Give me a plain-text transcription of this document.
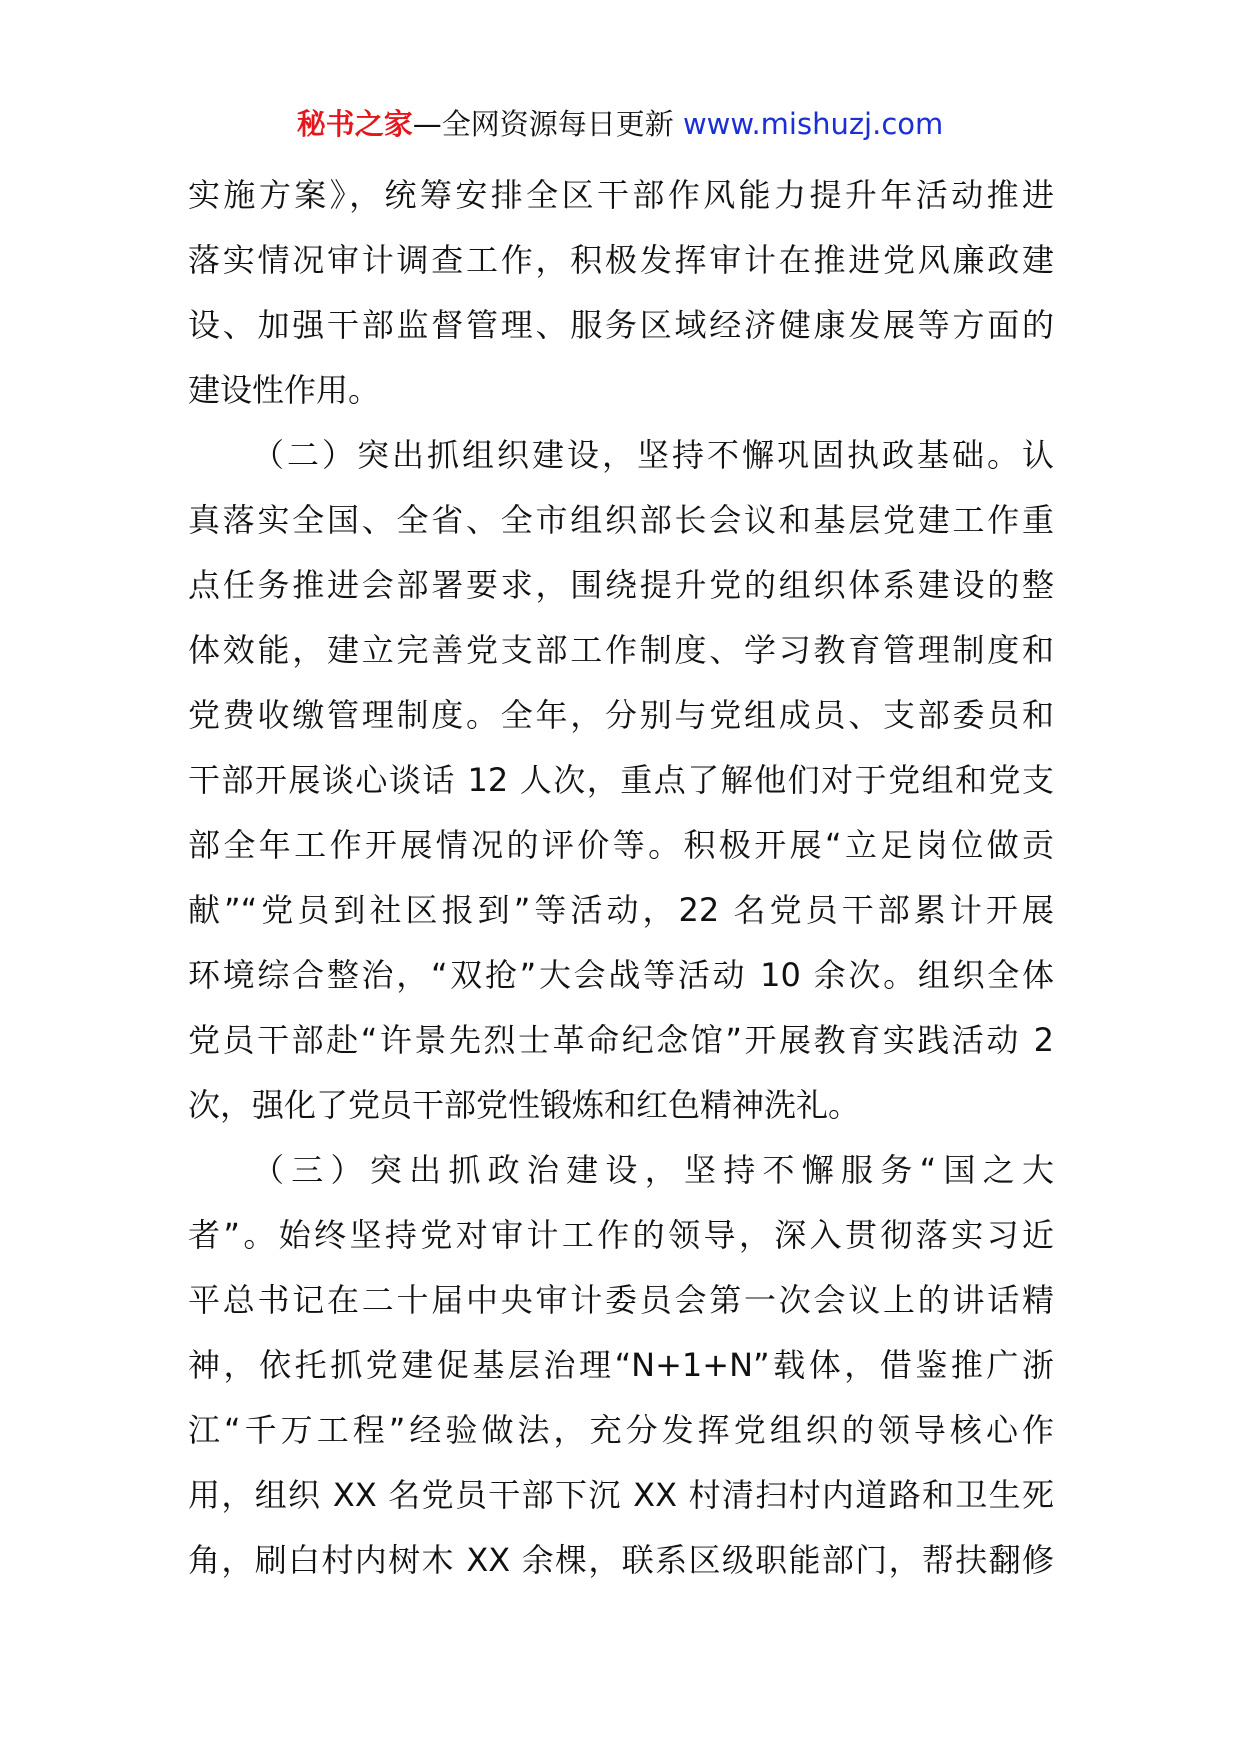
秘书之家—全网资源每日更新 www.mishuzj.com
实施方案》，统筹安排全区干部作风能力提升年活动推进
落实情况审计调查工作，积极发挥审计在推进党风廉政建
设、加强干部监督管理、服务区域经济健康发展等方面的
建设性作用。
（二）突出抓组织建设，坚持不懈巩固执政基础。认
真落实全国、全省、全市组织部长会议和基层党建工作重
点任务推进会部署要求，围绕提升党的组织体系建设的整
体效能，建立完善党支部工作制度、学习教育管理制度和
党费收缴管理制度。全年，分别与党组成员、支部委员和
干部开展谈心谈话 12 人次，重点了解他们对于党组和党支
部全年工作开展情况的评价等。积极开展“立足岗位做贡
献”“党员到社区报到”等活动，22 名党员干部累计开展
环境综合整治，“双抢”大会战等活动 10 余次。组织全体
党员干部赴“许景先烈士革命纪念馆”开展教育实践活动 2
次，强化了党员干部党性锻炼和红色精神洗礼。
（三）突出抓政治建设，坚持不懈服务“国之大
者”。始终坚持党对审计工作的领导，深入贯彻落实习近
平总书记在二十届中央审计委员会第一次会议上的讲话精
神，依托抓党建促基层治理“N+1+N”载体，借鉴推广浙
江“千万工程”经验做法，充分发挥党组织的领导核心作
用，组织 XX 名党员干部下沉 XX 村清扫村内道路和卫生死
角，刷白村内树木 XX 余棵，联系区级职能部门，帮扶翻修
